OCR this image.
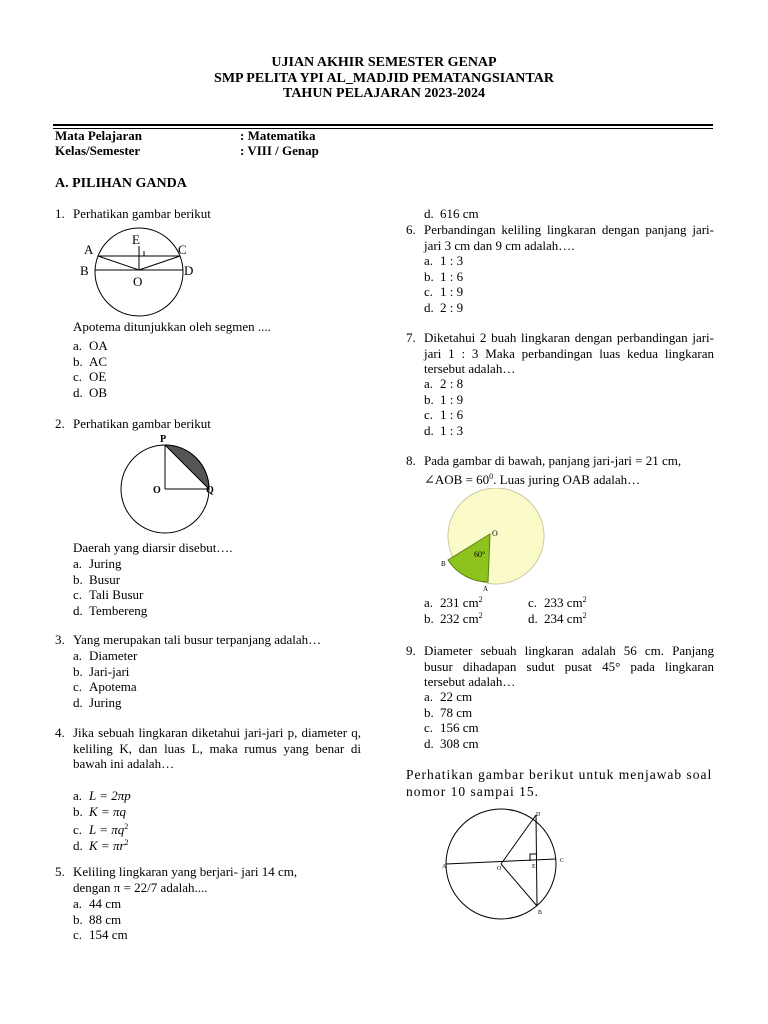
UJIAN AKHIR SEMESTER GENAP
SMP PELITA YPI AL_MADJID PEMATANGSIANTAR
TAHUN PELAJARAN 2023-2024
Mata Pelajaran	: Matematika
Kelas/Semester	: VIII / Genap
A. PILIHAN GANDA
1. Perhatikan gambar berikut
A
B
C
D
E
O
Apotema ditunjukkan oleh segmen ....
a. OA
b. AC
c. OE
d. OB
2. Perhatikan gambar berikut
P
O	Q
Daerah yang diarsir disebut….
a. Juring
b. Busur
c. Tali Busur
d. Tembereng
3. Yang merupakan tali busur terpanjang adalah…
a. Diameter
b. Jari-jari
c. Apotema
d. Juring
4. Jika sebuah lingkaran diketahui jari-jari p, diameter q, keliling K, dan luas L, maka rumus yang benar di bawah ini adalah…
a. L = 2πp
b. K = πq
c. $L = \pi q^2$
d. $K = \pi r^2$
5. Keliling lingkaran yang berjari- jari 14 cm,
dengan π = 22/7 adalah....
a. 44 cm
b. 88 cm
c. 154 cm
d. 616 cm
6. Perbandingan keliling lingkaran dengan panjang jari-jari 3 cm dan 9 cm adalah….
a. 1 : 3
b. 1 : 6
c. 1 : 9
d. 2 : 9
7. Diketahui 2 buah lingkaran dengan perbandingan jari-jari 1 : 3 Maka perbandingan luas kedua lingkaran tersebut adalah…
a. 2 : 8
b. 1 : 9
c. 1 : 6
d. 1 : 3
8. Pada gambar di bawah, panjang jari-jari = 21 cm,
∠AOB = $60^0$. Luas juring OAB adalah…
O
B
A
60°
a. 231 $cm^2$	c. 233 $cm^2$
b. 232 $cm^2$	d. 234 $cm^2$
9. Diameter sebuah lingkaran adalah 56 cm. Panjang busur dihadapan sudut pusat 45° pada lingkaran tersebut adalah…
a. 22 cm
b. 78 cm
c. 156 cm
d. 308 cm
Perhatikan gambar berikut untuk menjawab soal nomor 10 sampai 15.
A	O
D
E
C
B
